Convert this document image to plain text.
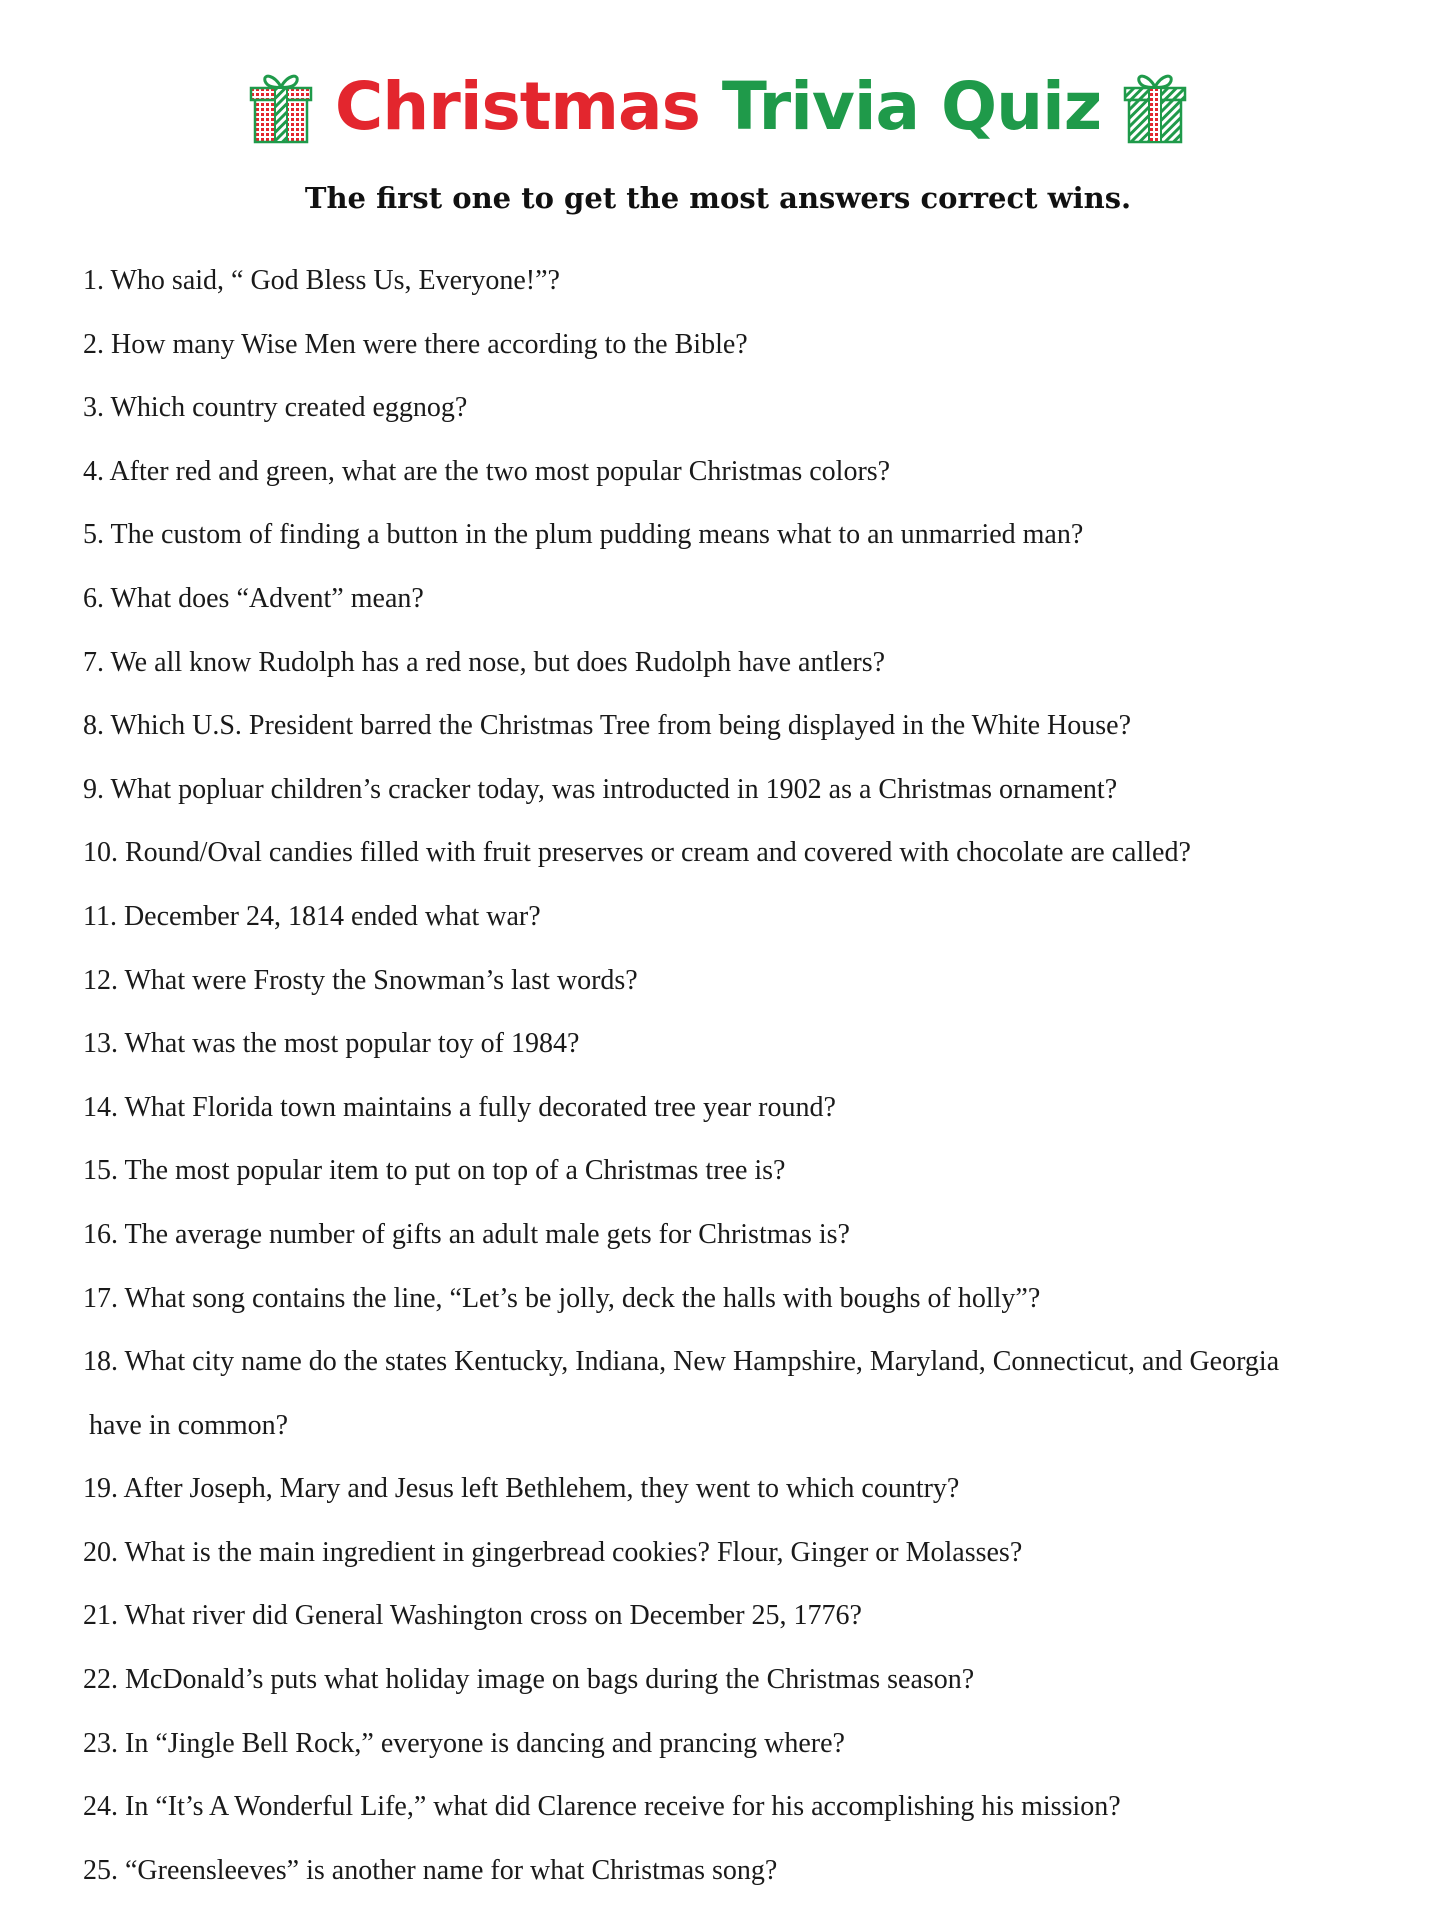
Christmas Trivia Quiz
The first one to get the most answers correct wins.
1. Who said, “ God Bless Us, Everyone!”?
2. How many Wise Men were there according to the Bible?
3. Which country created eggnog?
4. After red and green, what are the two most popular Christmas colors?
5. The custom of finding a button in the plum pudding means what to an unmarried man?
6. What does “Advent” mean?
7. We all know Rudolph has a red nose, but does Rudolph have antlers?
8. Which U.S. President barred the Christmas Tree from being displayed in the White House?
9. What popluar children’s cracker today, was introducted in 1902 as a Christmas ornament?
10. Round/Oval candies filled with fruit preserves or cream and covered with chocolate are called?
11. December 24, 1814 ended what war?
12. What were Frosty the Snowman’s last words?
13. What was the most popular toy of 1984?
14. What Florida town maintains a fully decorated tree year round?
15. The most popular item to put on top of a Christmas tree is?
16. The average number of gifts an adult male gets for Christmas is?
17. What song contains the line, “Let’s be jolly, deck the halls with boughs of holly”?
18. What city name do the states Kentucky, Indiana, New Hampshire, Maryland, Connecticut, and Georgia
have in common?
19. After Joseph, Mary and Jesus left Bethlehem, they went to which country?
20. What is the main ingredient in gingerbread cookies? Flour, Ginger or Molasses?
21. What river did General Washington cross on December 25, 1776?
22. McDonald’s puts what holiday image on bags during the Christmas season?
23. In “Jingle Bell Rock,” everyone is dancing and prancing where?
24. In “It’s A Wonderful Life,” what did Clarence receive for his accomplishing his mission?
25. “Greensleeves” is another name for what Christmas song?
